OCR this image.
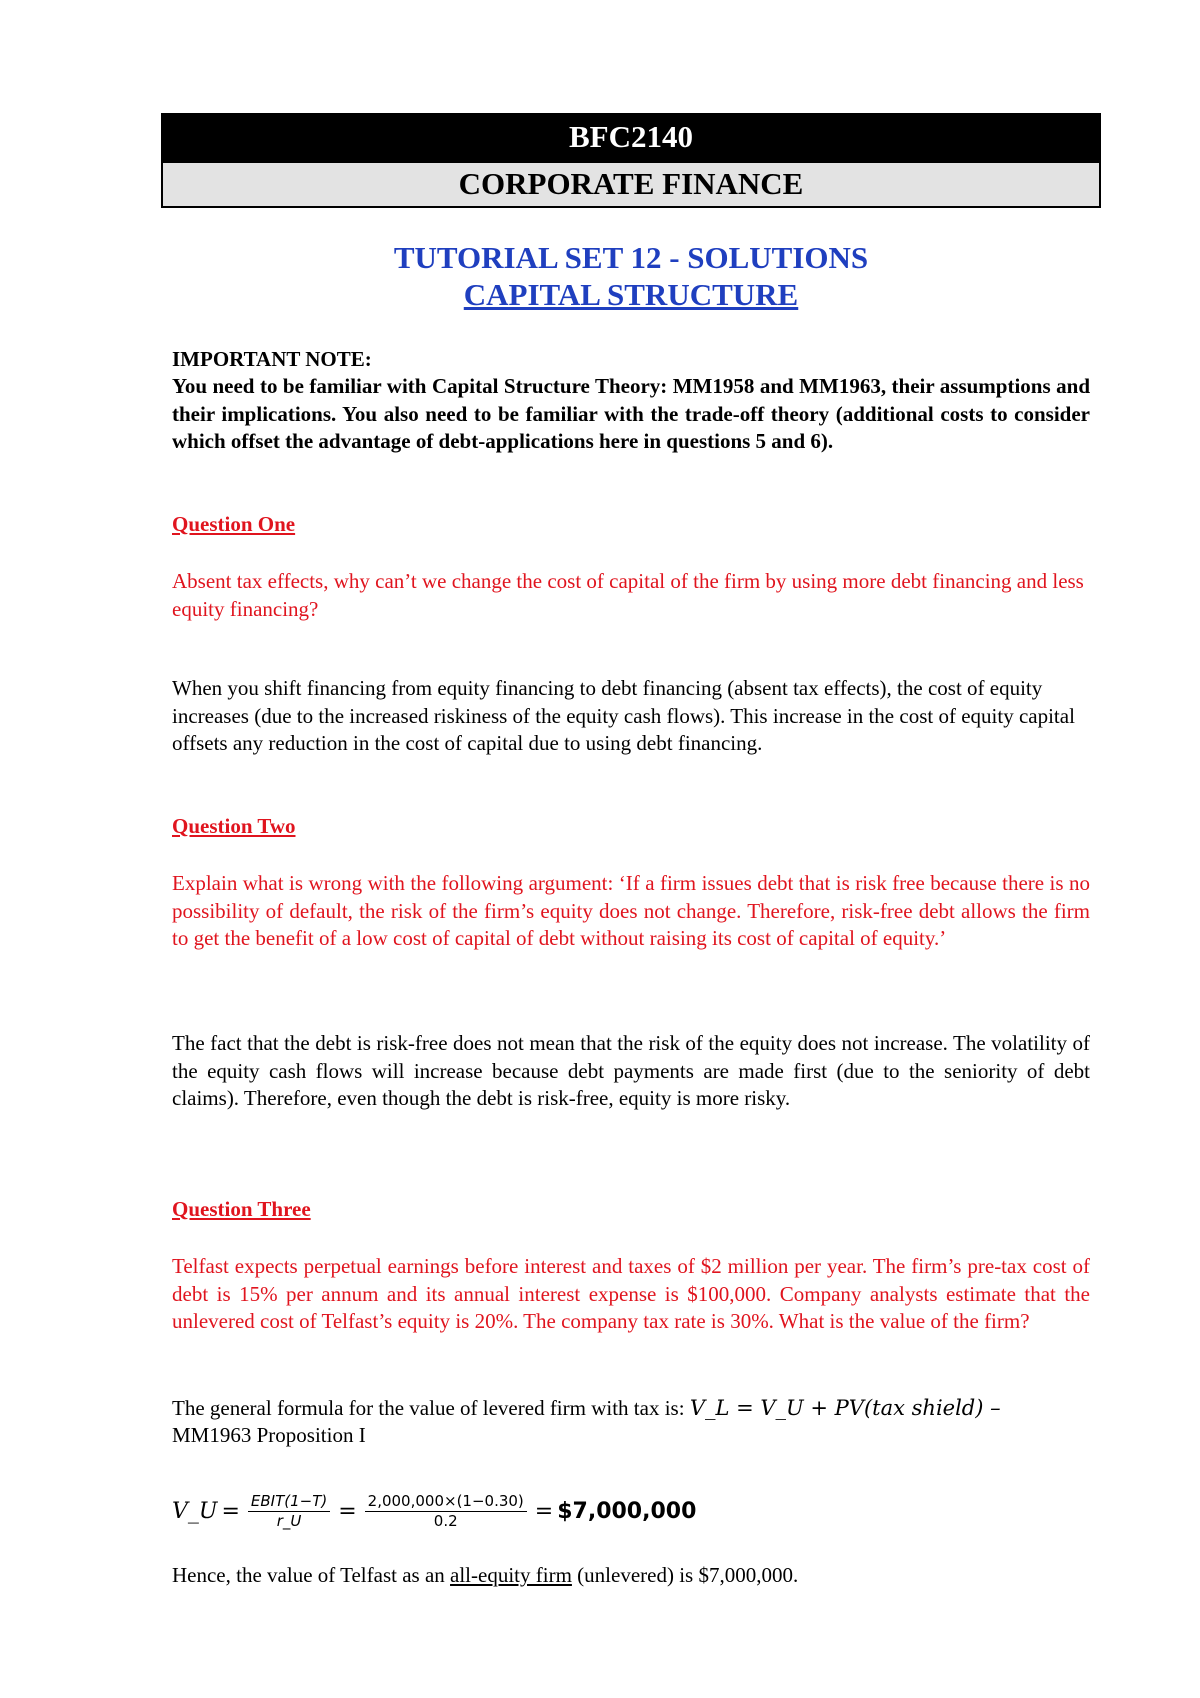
BFC2140
CORPORATE FINANCE
TUTORIAL SET 12 - SOLUTIONS
CAPITAL STRUCTURE
IMPORTANT NOTE:
You need to be familiar with Capital Structure Theory: MM1958 and MM1963, their assumptions and their implications. You also need to be familiar with the trade-off theory (additional costs to consider which offset the advantage of debt-applications here in questions 5 and 6).
Question One
Absent tax effects, why can’t we change the cost of capital of the firm by using more debt financing and less equity financing?
When you shift financing from equity financing to debt financing (absent tax effects), the cost of equity increases (due to the increased riskiness of the equity cash flows). This increase in the cost of equity capital offsets any reduction in the cost of capital due to using debt financing.
Question Two
Explain what is wrong with the following argument: ‘If a firm issues debt that is risk free because there is no possibility of default, the risk of the firm’s equity does not change. Therefore, risk-free debt allows the firm to get the benefit of a low cost of capital of debt without raising its cost of capital of equity.’
The fact that the debt is risk-free does not mean that the risk of the equity does not increase. The volatility of the equity cash flows will increase because debt payments are made first (due to the seniority of debt claims). Therefore, even though the debt is risk-free, equity is more risky.
Question Three
Telfast expects perpetual earnings before interest and taxes of $2 million per year. The firm’s pre-tax cost of debt is 15% per annum and its annual interest expense is $100,000. Company analysts estimate that the unlevered cost of Telfast’s equity is 20%. The company tax rate is 30%. What is the value of the firm?
The general formula for the value of levered firm with tax is: V_L = V_U + PV(tax shield) –
MM1963 Proposition I
V_U = $\frac{\text{EBIT(1−T)}}{r\_U} = \frac{2,000,000\times(1-0.30)}{0.2}$ = $7,000,000
Hence, the value of Telfast as an all-equity firm (unlevered) is $7,000,000.
